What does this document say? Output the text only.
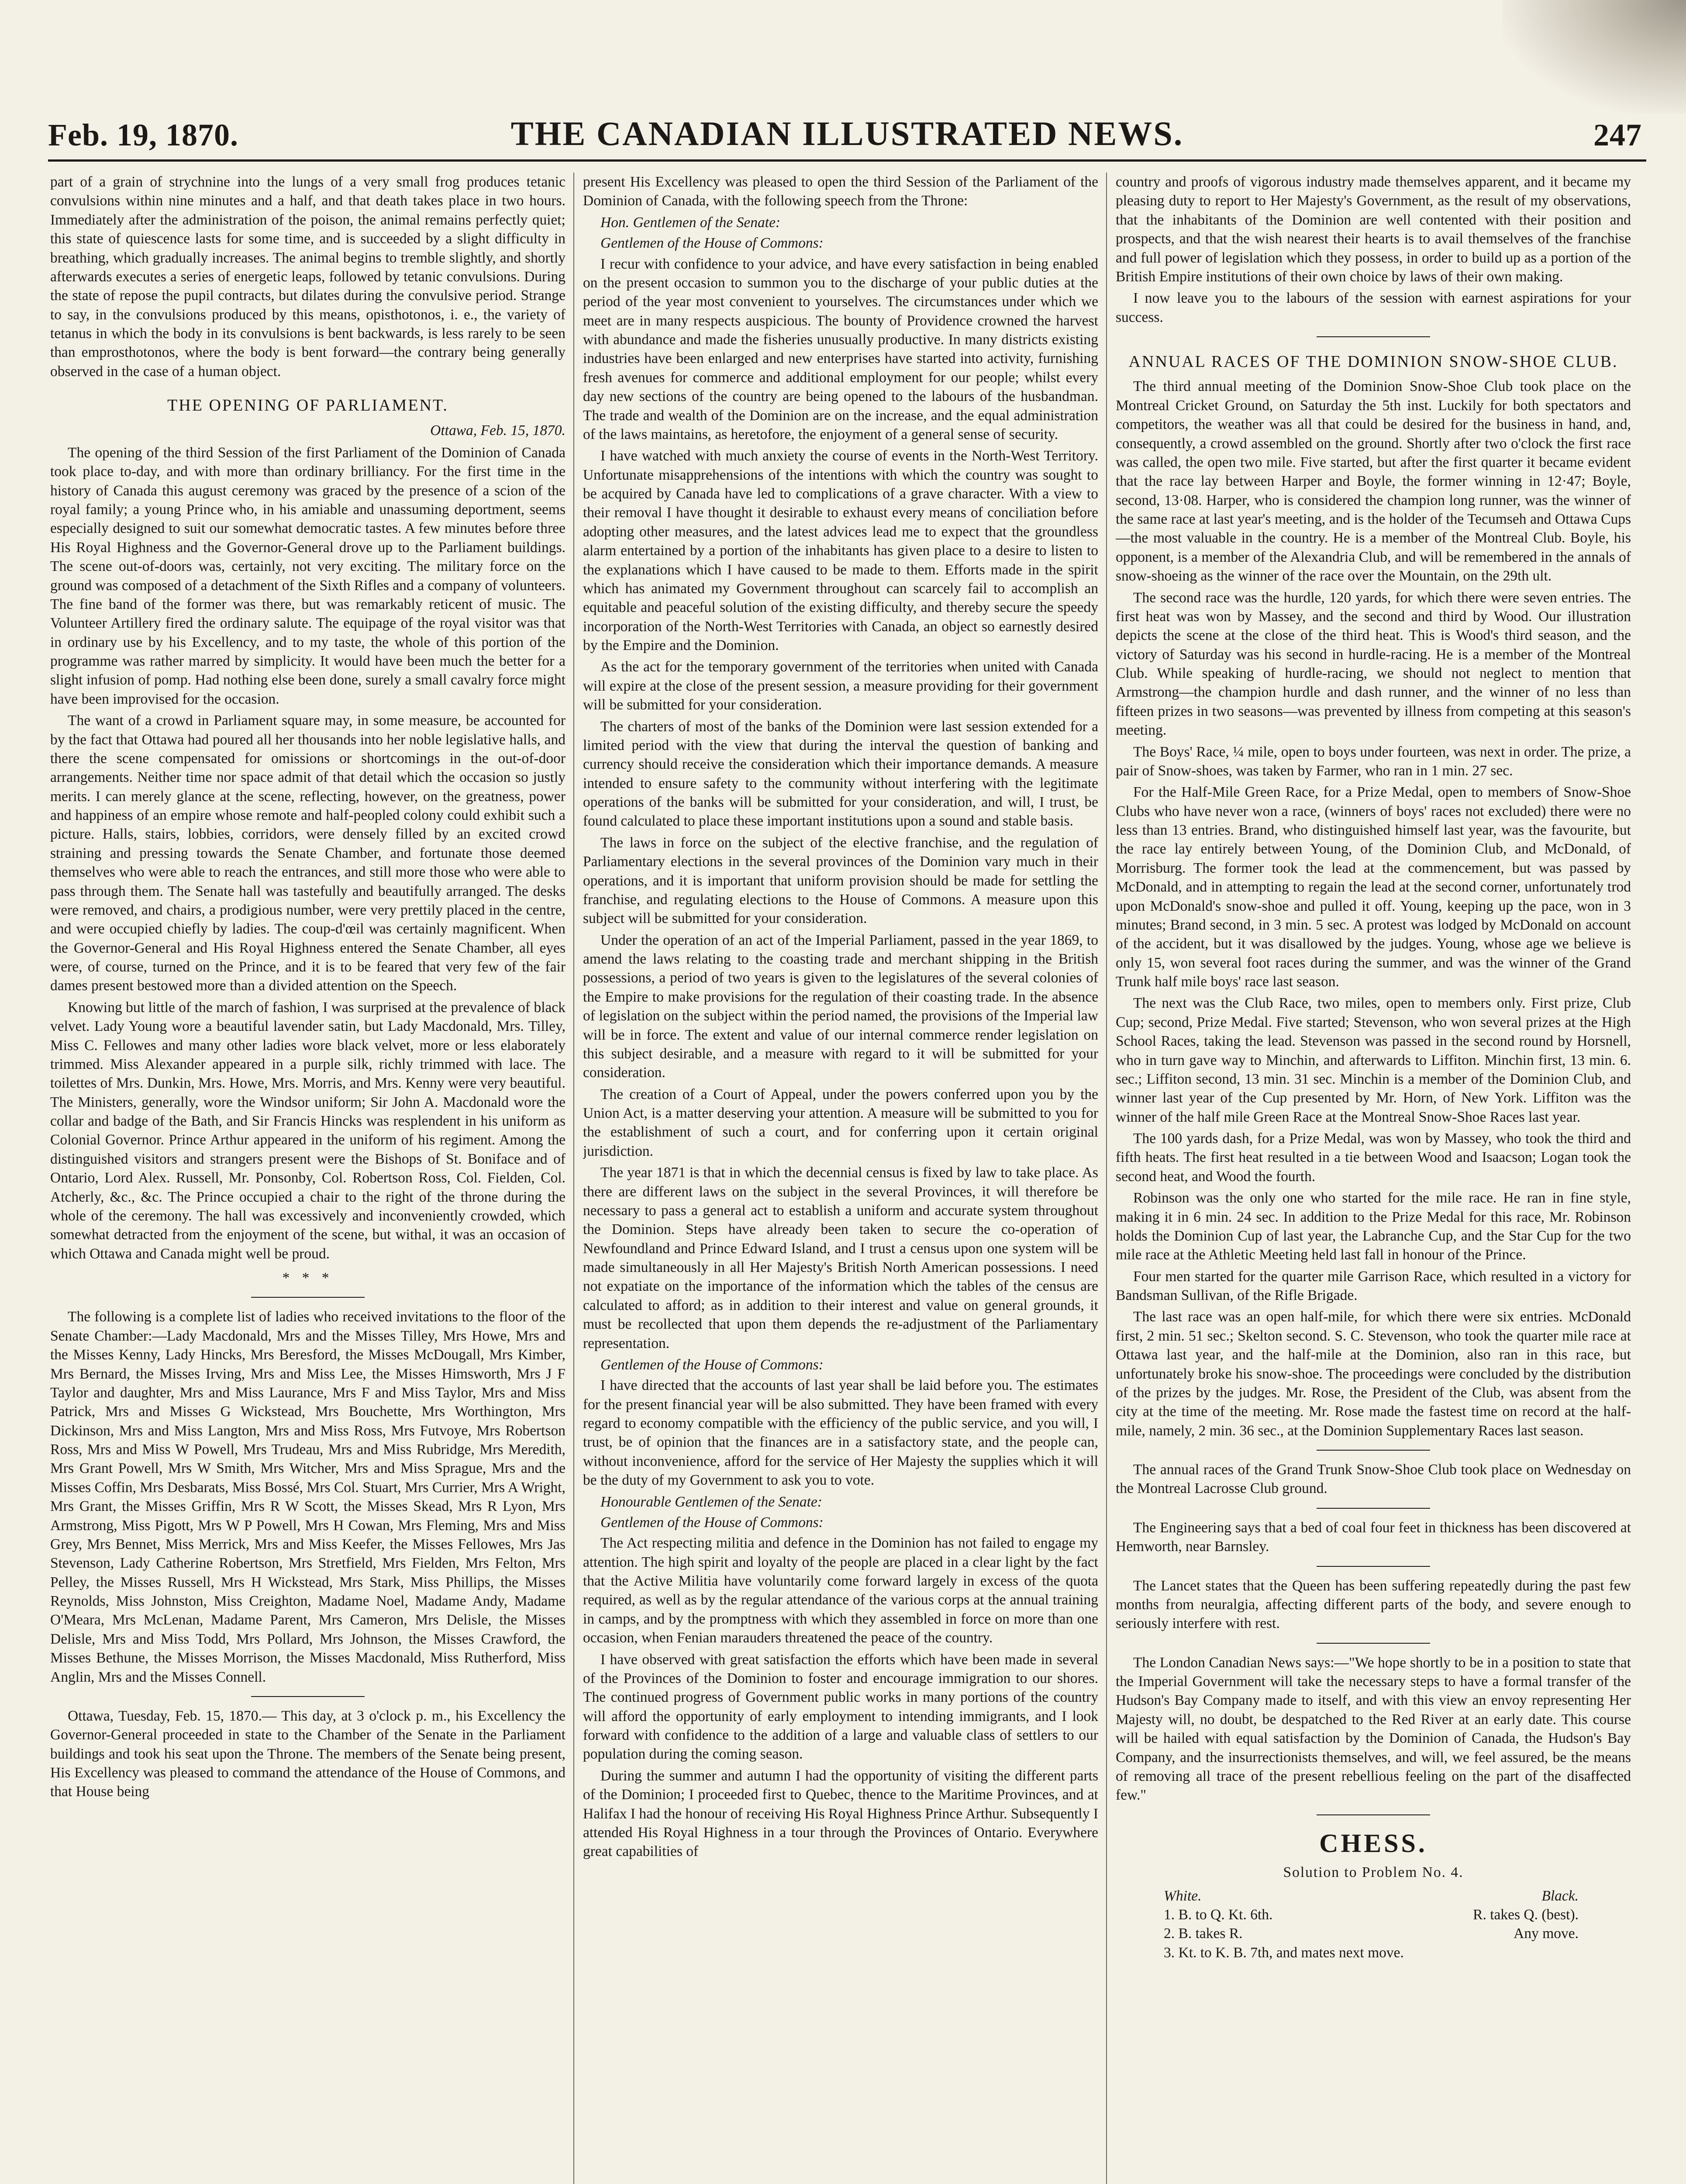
Feb. 19, 1870.	THE CANADIAN ILLUSTRATED NEWS.	247

part of a grain of strychnine into the lungs of a very small frog produces tetanic convulsions within nine minutes and a half, and that death takes place in two hours. Immediately after the administration of the poison, the animal remains perfectly quiet; this state of quiescence lasts for some time, and is succeeded by a slight difficulty in breathing, which gradually increases. The animal begins to tremble slightly, and shortly afterwards executes a series of energetic leaps, followed by tetanic convulsions. During the state of repose the pupil contracts, but dilates during the convulsive period. Strange to say, in the convulsions produced by this means, opisthotonos, i. e., the variety of tetanus in which the body in its convulsions is bent backwards, is less rarely to be seen than emprosthotonos, where the body is bent forward—the contrary being generally observed in the case of a human object.

THE OPENING OF PARLIAMENT.

Ottawa, Feb. 15, 1870.

The opening of the third Session of the first Parliament of the Dominion of Canada took place to-day, and with more than ordinary brilliancy. For the first time in the history of Canada this august ceremony was graced by the presence of a scion of the royal family; a young Prince who, in his amiable and unassuming deportment, seems especially designed to suit our somewhat democratic tastes. A few minutes before three His Royal Highness and the Governor-General drove up to the Parliament buildings. The scene out-of-doors was, certainly, not very exciting. The military force on the ground was composed of a detachment of the Sixth Rifles and a company of volunteers. The fine band of the former was there, but was remarkably reticent of music. The Volunteer Artillery fired the ordinary salute. The equipage of the royal visitor was that in ordinary use by his Excellency, and to my taste, the whole of this portion of the programme was rather marred by simplicity. It would have been much the better for a slight infusion of pomp. Had nothing else been done, surely a small cavalry force might have been improvised for the occasion.

The want of a crowd in Parliament square may, in some measure, be accounted for by the fact that Ottawa had poured all her thousands into her noble legislative halls, and there the scene compensated for omissions or shortcomings in the out-of-door arrangements. Neither time nor space admit of that detail which the occasion so justly merits. I can merely glance at the scene, reflecting, however, on the greatness, power and happiness of an empire whose remote and half-peopled colony could exhibit such a picture. Halls, stairs, lobbies, corridors, were densely filled by an excited crowd straining and pressing towards the Senate Chamber, and fortunate those deemed themselves who were able to reach the entrances, and still more those who were able to pass through them. The Senate hall was tastefully and beautifully arranged. The desks were removed, and chairs, a prodigious number, were very prettily placed in the centre, and were occupied chiefly by ladies. The coup-d'œil was certainly magnificent. When the Governor-General and His Royal Highness entered the Senate Chamber, all eyes were, of course, turned on the Prince, and it is to be feared that very few of the fair dames present bestowed more than a divided attention on the Speech.

Knowing but little of the march of fashion, I was surprised at the prevalence of black velvet. Lady Young wore a beautiful lavender satin, but Lady Macdonald, Mrs. Tilley, Miss C. Fellowes and many other ladies wore black velvet, more or less elaborately trimmed. Miss Alexander appeared in a purple silk, richly trimmed with lace. The toilettes of Mrs. Dunkin, Mrs. Howe, Mrs. Morris, and Mrs. Kenny were very beautiful. The Ministers, generally, wore the Windsor uniform; Sir John A. Macdonald wore the collar and badge of the Bath, and Sir Francis Hincks was resplendent in his uniform as Colonial Governor. Prince Arthur appeared in the uniform of his regiment. Among the distinguished visitors and strangers present were the Bishops of St. Boniface and of Ontario, Lord Alex. Russell, Mr. Ponsonby, Col. Robertson Ross, Col. Fielden, Col. Atcherly, &c., &c. The Prince occupied a chair to the right of the throne during the whole of the ceremony. The hall was excessively and inconveniently crowded, which somewhat detracted from the enjoyment of the scene, but withal, it was an occasion of which Ottawa and Canada might well be proud.

* * *

The following is a complete list of ladies who received invitations to the floor of the Senate Chamber:—Lady Macdonald, Mrs and the Misses Tilley, Mrs Howe, Mrs and the Misses Kenny, Lady Hincks, Mrs Beresford, the Misses McDougall, Mrs Kimber, Mrs Bernard, the Misses Irving, Mrs and Miss Lee, the Misses Himsworth, Mrs J F Taylor and daughter, Mrs and Miss Laurance, Mrs F and Miss Taylor, Mrs and Miss Patrick, Mrs and Misses G Wickstead, Mrs Bouchette, Mrs Worthington, Mrs Dickinson, Mrs and Miss Langton, Mrs and Miss Ross, Mrs Futvoye, Mrs Robertson Ross, Mrs and Miss W Powell, Mrs Trudeau, Mrs and Miss Rubridge, Mrs Meredith, Mrs Grant Powell, Mrs W Smith, Mrs Witcher, Mrs and Miss Sprague, Mrs and the Misses Coffin, Mrs Desbarats, Miss Bossé, Mrs Col. Stuart, Mrs Currier, Mrs A Wright, Mrs Grant, the Misses Griffin, Mrs R W Scott, the Misses Skead, Mrs R Lyon, Mrs Armstrong, Miss Pigott, Mrs W P Powell, Mrs H Cowan, Mrs Fleming, Mrs and Miss Grey, Mrs Bennet, Miss Merrick, Mrs and Miss Keefer, the Misses Fellowes, Mrs Jas Stevenson, Lady Catherine Robertson, Mrs Stretfield, Mrs Fielden, Mrs Felton, Mrs Pelley, the Misses Russell, Mrs H Wickstead, Mrs Stark, Miss Phillips, the Misses Reynolds, Miss Johnston, Miss Creighton, Madame Noel, Madame Andy, Madame O'Meara, Mrs McLenan, Madame Parent, Mrs Cameron, Mrs Delisle, the Misses Delisle, Mrs and Miss Todd, Mrs Pollard, Mrs Johnson, the Misses Crawford, the Misses Bethune, the Misses Morrison, the Misses Macdonald, Miss Rutherford, Miss Anglin, Mrs and the Misses Connell.

Ottawa, Tuesday, Feb. 15, 1870.— This day, at 3 o'clock p. m., his Excellency the Governor-General proceeded in state to the Chamber of the Senate in the Parliament buildings and took his seat upon the Throne. The members of the Senate being present, His Excellency was pleased to command the attendance of the House of Commons, and that House being

present His Excellency was pleased to open the third Session of the Parliament of the Dominion of Canada, with the following speech from the Throne:

Hon. Gentlemen of the Senate:

Gentlemen of the House of Commons:

I recur with confidence to your advice, and have every satisfaction in being enabled on the present occasion to summon you to the discharge of your public duties at the period of the year most convenient to yourselves. The circumstances under which we meet are in many respects auspicious. The bounty of Providence crowned the harvest with abundance and made the fisheries unusually productive. In many districts existing industries have been enlarged and new enterprises have started into activity, furnishing fresh avenues for commerce and additional employment for our people; whilst every day new sections of the country are being opened to the labours of the husbandman. The trade and wealth of the Dominion are on the increase, and the equal administration of the laws maintains, as heretofore, the enjoyment of a general sense of security.

I have watched with much anxiety the course of events in the North-West Territory. Unfortunate misapprehensions of the intentions with which the country was sought to be acquired by Canada have led to complications of a grave character. With a view to their removal I have thought it desirable to exhaust every means of conciliation before adopting other measures, and the latest advices lead me to expect that the groundless alarm entertained by a portion of the inhabitants has given place to a desire to listen to the explanations which I have caused to be made to them. Efforts made in the spirit which has animated my Government throughout can scarcely fail to accomplish an equitable and peaceful solution of the existing difficulty, and thereby secure the speedy incorporation of the North-West Territories with Canada, an object so earnestly desired by the Empire and the Dominion.

As the act for the temporary government of the territories when united with Canada will expire at the close of the present session, a measure providing for their government will be submitted for your consideration.

The charters of most of the banks of the Dominion were last session extended for a limited period with the view that during the interval the question of banking and currency should receive the consideration which their importance demands. A measure intended to ensure safety to the community without interfering with the legitimate operations of the banks will be submitted for your consideration, and will, I trust, be found calculated to place these important institutions upon a sound and stable basis.

The laws in force on the subject of the elective franchise, and the regulation of Parliamentary elections in the several provinces of the Dominion vary much in their operations, and it is important that uniform provision should be made for settling the franchise, and regulating elections to the House of Commons. A measure upon this subject will be submitted for your consideration.

Under the operation of an act of the Imperial Parliament, passed in the year 1869, to amend the laws relating to the coasting trade and merchant shipping in the British possessions, a period of two years is given to the legislatures of the several colonies of the Empire to make provisions for the regulation of their coasting trade. In the absence of legislation on the subject within the period named, the provisions of the Imperial law will be in force. The extent and value of our internal commerce render legislation on this subject desirable, and a measure with regard to it will be submitted for your consideration.

The creation of a Court of Appeal, under the powers conferred upon you by the Union Act, is a matter deserving your attention. A measure will be submitted to you for the establishment of such a court, and for conferring upon it certain original jurisdiction.

The year 1871 is that in which the decennial census is fixed by law to take place. As there are different laws on the subject in the several Provinces, it will therefore be necessary to pass a general act to establish a uniform and accurate system throughout the Dominion. Steps have already been taken to secure the co-operation of Newfoundland and Prince Edward Island, and I trust a census upon one system will be made simultaneously in all Her Majesty's British North American possessions. I need not expatiate on the importance of the information which the tables of the census are calculated to afford; as in addition to their interest and value on general grounds, it must be recollected that upon them depends the re-adjustment of the Parliamentary representation.

Gentlemen of the House of Commons:

I have directed that the accounts of last year shall be laid before you. The estimates for the present financial year will be also submitted. They have been framed with every regard to economy compatible with the efficiency of the public service, and you will, I trust, be of opinion that the finances are in a satisfactory state, and the people can, without inconvenience, afford for the service of Her Majesty the supplies which it will be the duty of my Government to ask you to vote.

Honourable Gentlemen of the Senate:

Gentlemen of the House of Commons:

The Act respecting militia and defence in the Dominion has not failed to engage my attention. The high spirit and loyalty of the people are placed in a clear light by the fact that the Active Militia have voluntarily come forward largely in excess of the quota required, as well as by the regular attendance of the various corps at the annual training in camps, and by the promptness with which they assembled in force on more than one occasion, when Fenian marauders threatened the peace of the country.

I have observed with great satisfaction the efforts which have been made in several of the Provinces of the Dominion to foster and encourage immigration to our shores. The continued progress of Government public works in many portions of the country will afford the opportunity of early employment to intending immigrants, and I look forward with confidence to the addition of a large and valuable class of settlers to our population during the coming season.

During the summer and autumn I had the opportunity of visiting the different parts of the Dominion; I proceeded first to Quebec, thence to the Maritime Provinces, and at Halifax I had the honour of receiving His Royal Highness Prince Arthur. Subsequently I attended His Royal Highness in a tour through the Provinces of Ontario. Everywhere great capabilities of

country and proofs of vigorous industry made themselves apparent, and it became my pleasing duty to report to Her Majesty's Government, as the result of my observations, that the inhabitants of the Dominion are well contented with their position and prospects, and that the wish nearest their hearts is to avail themselves of the franchise and full power of legislation which they possess, in order to build up as a portion of the British Empire institutions of their own choice by laws of their own making.

I now leave you to the labours of the session with earnest aspirations for your success.

ANNUAL RACES OF THE DOMINION SNOW-SHOE CLUB.

The third annual meeting of the Dominion Snow-Shoe Club took place on the Montreal Cricket Ground, on Saturday the 5th inst. Luckily for both spectators and competitors, the weather was all that could be desired for the business in hand, and, consequently, a crowd assembled on the ground. Shortly after two o'clock the first race was called, the open two mile. Five started, but after the first quarter it became evident that the race lay between Harper and Boyle, the former winning in 12·47; Boyle, second, 13·08. Harper, who is considered the champion long runner, was the winner of the same race at last year's meeting, and is the holder of the Tecumseh and Ottawa Cups—the most valuable in the country. He is a member of the Montreal Club. Boyle, his opponent, is a member of the Alexandria Club, and will be remembered in the annals of snow-shoeing as the winner of the race over the Mountain, on the 29th ult.

The second race was the hurdle, 120 yards, for which there were seven entries. The first heat was won by Massey, and the second and third by Wood. Our illustration depicts the scene at the close of the third heat. This is Wood's third season, and the victory of Saturday was his second in hurdle-racing. He is a member of the Montreal Club. While speaking of hurdle-racing, we should not neglect to mention that Armstrong—the champion hurdle and dash runner, and the winner of no less than fifteen prizes in two seasons—was prevented by illness from competing at this season's meeting.

The Boys' Race, ¼ mile, open to boys under fourteen, was next in order. The prize, a pair of Snow-shoes, was taken by Farmer, who ran in 1 min. 27 sec.

For the Half-Mile Green Race, for a Prize Medal, open to members of Snow-Shoe Clubs who have never won a race, (winners of boys' races not excluded) there were no less than 13 entries. Brand, who distinguished himself last year, was the favourite, but the race lay entirely between Young, of the Dominion Club, and McDonald, of Morrisburg. The former took the lead at the commencement, but was passed by McDonald, and in attempting to regain the lead at the second corner, unfortunately trod upon McDonald's snow-shoe and pulled it off. Young, keeping up the pace, won in 3 minutes; Brand second, in 3 min. 5 sec. A protest was lodged by McDonald on account of the accident, but it was disallowed by the judges. Young, whose age we believe is only 15, won several foot races during the summer, and was the winner of the Grand Trunk half mile boys' race last season.

The next was the Club Race, two miles, open to members only. First prize, Club Cup; second, Prize Medal. Five started; Stevenson, who won several prizes at the High School Races, taking the lead. Stevenson was passed in the second round by Horsnell, who in turn gave way to Minchin, and afterwards to Liffiton. Minchin first, 13 min. 6. sec.; Liffiton second, 13 min. 31 sec. Minchin is a member of the Dominion Club, and winner last year of the Cup presented by Mr. Horn, of New York. Liffiton was the winner of the half mile Green Race at the Montreal Snow-Shoe Races last year.

The 100 yards dash, for a Prize Medal, was won by Massey, who took the third and fifth heats. The first heat resulted in a tie between Wood and Isaacson; Logan took the second heat, and Wood the fourth.

Robinson was the only one who started for the mile race. He ran in fine style, making it in 6 min. 24 sec. In addition to the Prize Medal for this race, Mr. Robinson holds the Dominion Cup of last year, the Labranche Cup, and the Star Cup for the two mile race at the Athletic Meeting held last fall in honour of the Prince.

Four men started for the quarter mile Garrison Race, which resulted in a victory for Bandsman Sullivan, of the Rifle Brigade.

The last race was an open half-mile, for which there were six entries. McDonald first, 2 min. 51 sec.; Skelton second. S. C. Stevenson, who took the quarter mile race at Ottawa last year, and the half-mile at the Dominion, also ran in this race, but unfortunately broke his snow-shoe. The proceedings were concluded by the distribution of the prizes by the judges. Mr. Rose, the President of the Club, was absent from the city at the time of the meeting. Mr. Rose made the fastest time on record at the half-mile, namely, 2 min. 36 sec., at the Dominion Supplementary Races last season.

The annual races of the Grand Trunk Snow-Shoe Club took place on Wednesday on the Montreal Lacrosse Club ground.

The Engineering says that a bed of coal four feet in thickness has been discovered at Hemworth, near Barnsley.

The Lancet states that the Queen has been suffering repeatedly during the past few months from neuralgia, affecting different parts of the body, and severe enough to seriously interfere with rest.

The London Canadian News says:—"We hope shortly to be in a position to state that the Imperial Government will take the necessary steps to have a formal transfer of the Hudson's Bay Company made to itself, and with this view an envoy representing Her Majesty will, no doubt, be despatched to the Red River at an early date. This course will be hailed with equal satisfaction by the Dominion of Canada, the Hudson's Bay Company, and the insurrectionists themselves, and will, we feel assured, be the means of removing all trace of the present rebellious feeling on the part of the disaffected few."

CHESS.
Solution to Problem No. 4.
White.	Black.
1. B. to Q. Kt. 6th.	R. takes Q. (best).
2. B. takes R.	Any move.
3. Kt. to K. B. 7th, and mates next move.
